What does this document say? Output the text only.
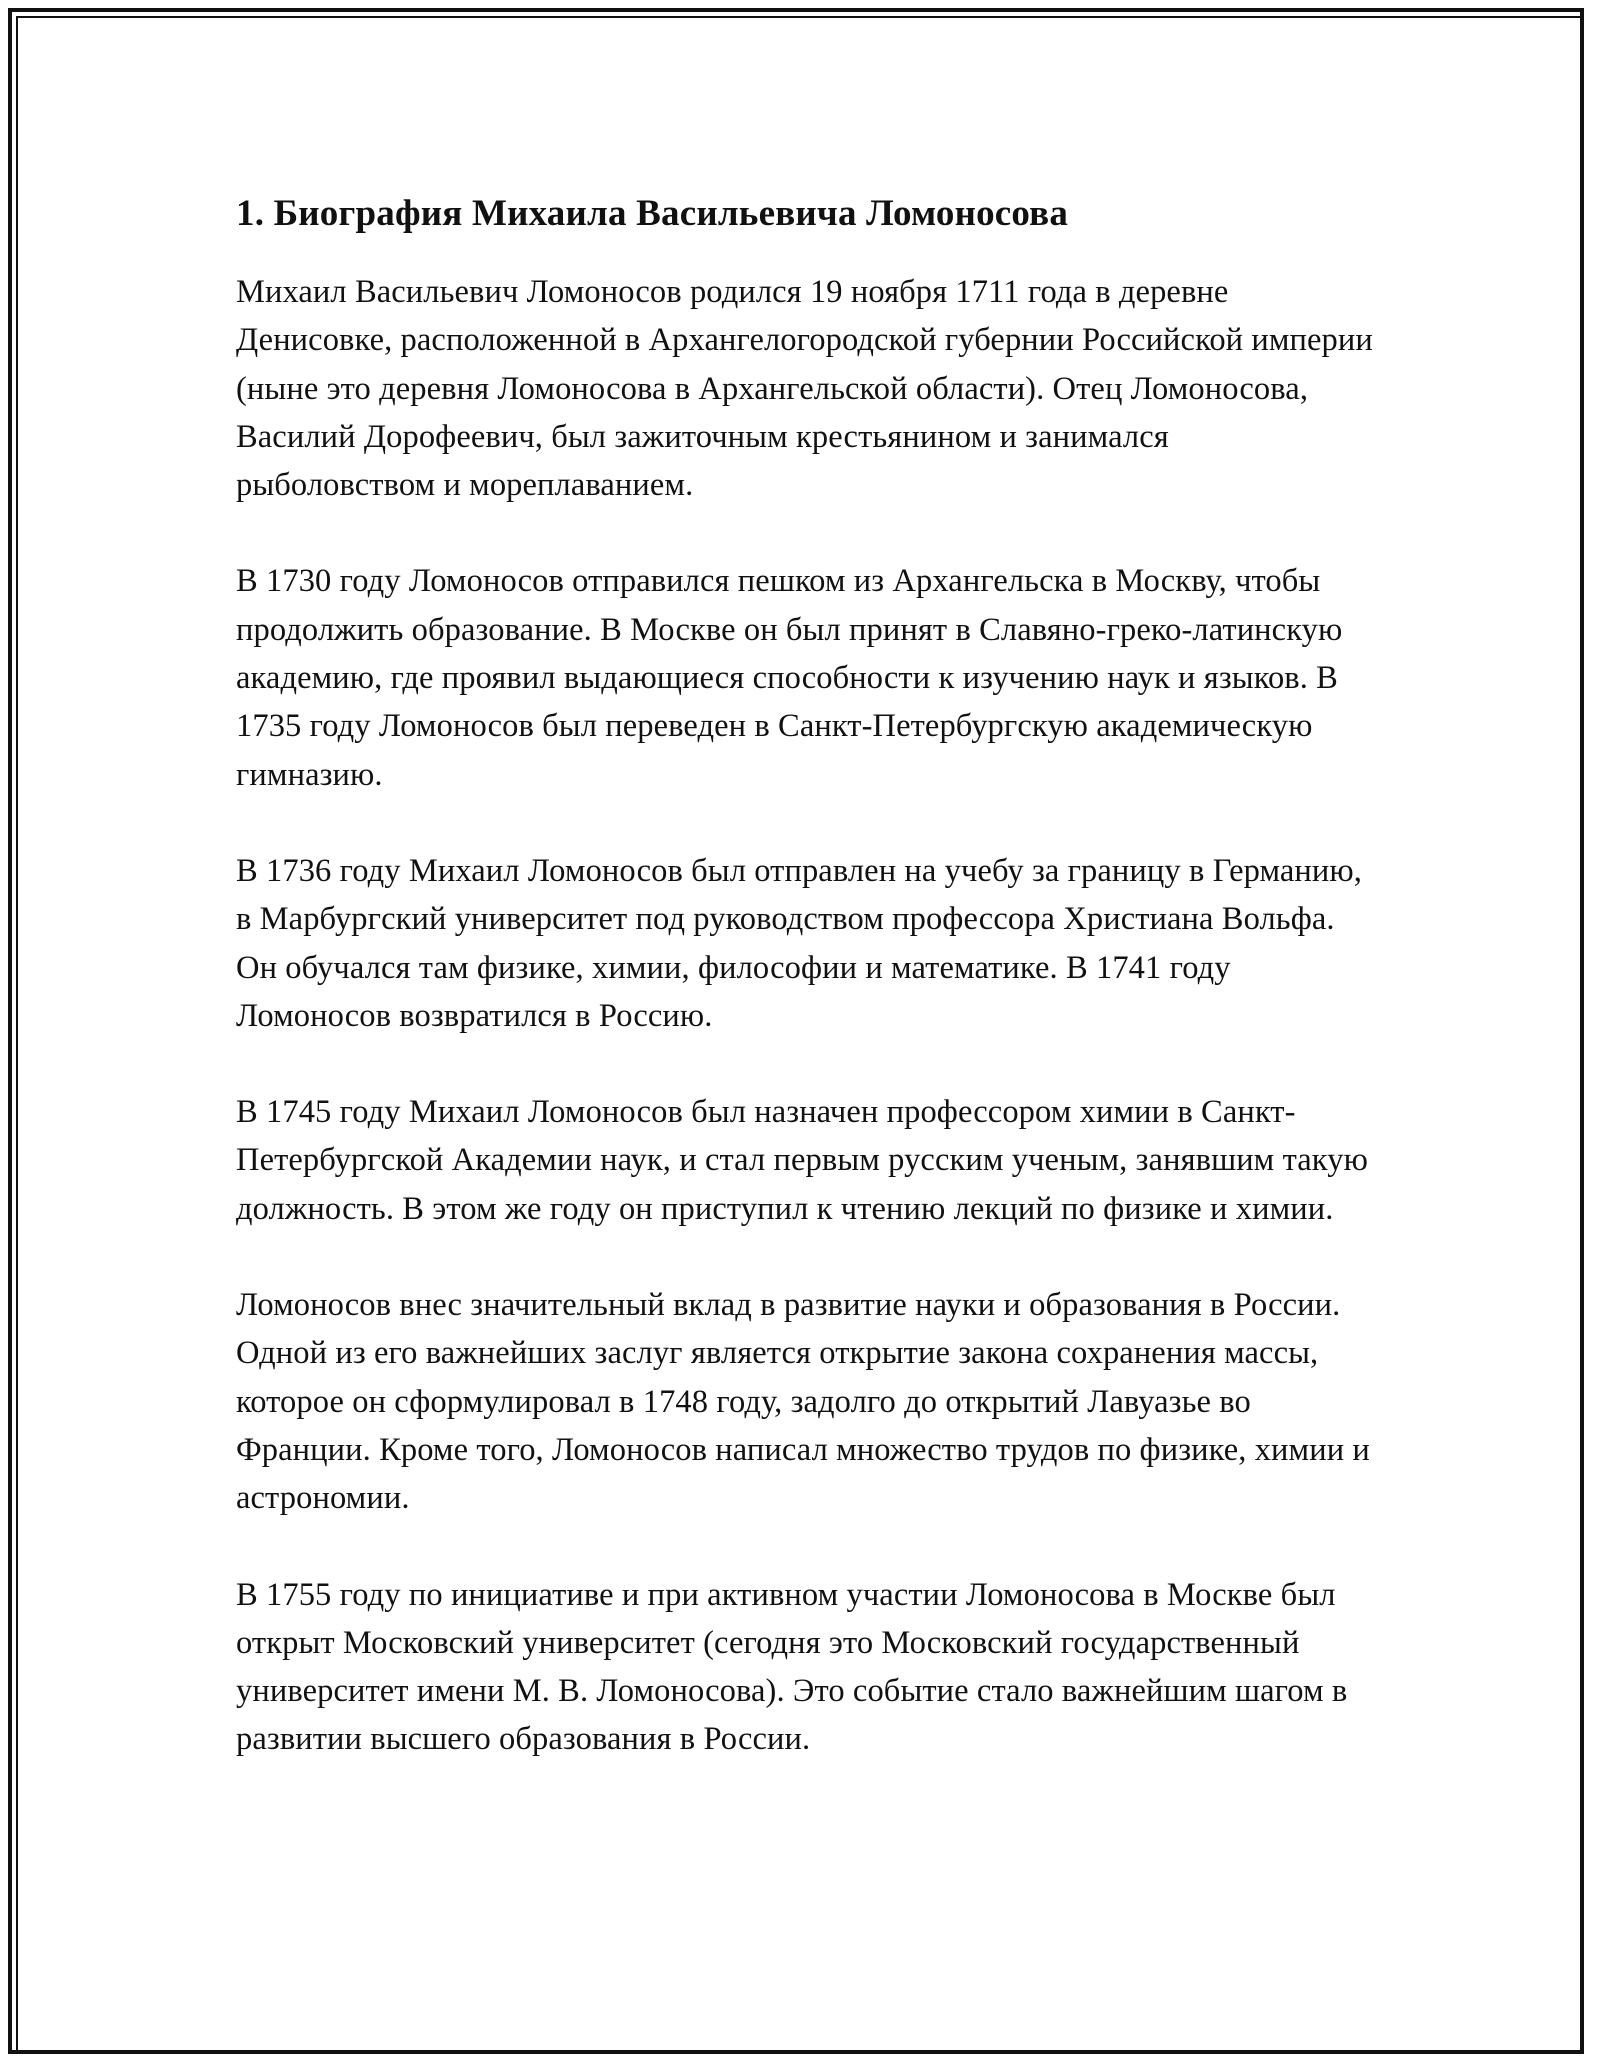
1. Биография Михаила Васильевича Ломоносова

Михаил Васильевич Ломоносов родился 19 ноября 1711 года в деревне Денисовке, расположенной в Архангелогородской губернии Российской империи (ныне это деревня Ломоносова в Архангельской области). Отец Ломоносова, Василий Дорофеевич, был зажиточным крестьянином и занимался рыболовством и мореплаванием.

В 1730 году Ломоносов отправился пешком из Архангельска в Москву, чтобы продолжить образование. В Москве он был принят в Славяно-греко-латинскую академию, где проявил выдающиеся способности к изучению наук и языков. В 1735 году Ломоносов был переведен в Санкт-Петербургскую академическую гимназию.

В 1736 году Михаил Ломоносов был отправлен на учебу за границу в Германию, в Марбургский университет под руководством профессора Христиана Вольфа. Он обучался там физике, химии, философии и математике. В 1741 году Ломоносов возвратился в Россию.

В 1745 году Михаил Ломоносов был назначен профессором химии в Санкт-Петербургской Академии наук, и стал первым русским ученым, занявшим такую должность. В этом же году он приступил к чтению лекций по физике и химии.

Ломоносов внес значительный вклад в развитие науки и образования в России. Одной из его важнейших заслуг является открытие закона сохранения массы, которое он сформулировал в 1748 году, задолго до открытий Лавуазье во Франции. Кроме того, Ломоносов написал множество трудов по физике, химии и астрономии.

В 1755 году по инициативе и при активном участии Ломоносова в Москве был открыт Московский университет (сегодня это Московский государственный университет имени М. В. Ломоносова). Это событие стало важнейшим шагом в развитии высшего образования в России.
